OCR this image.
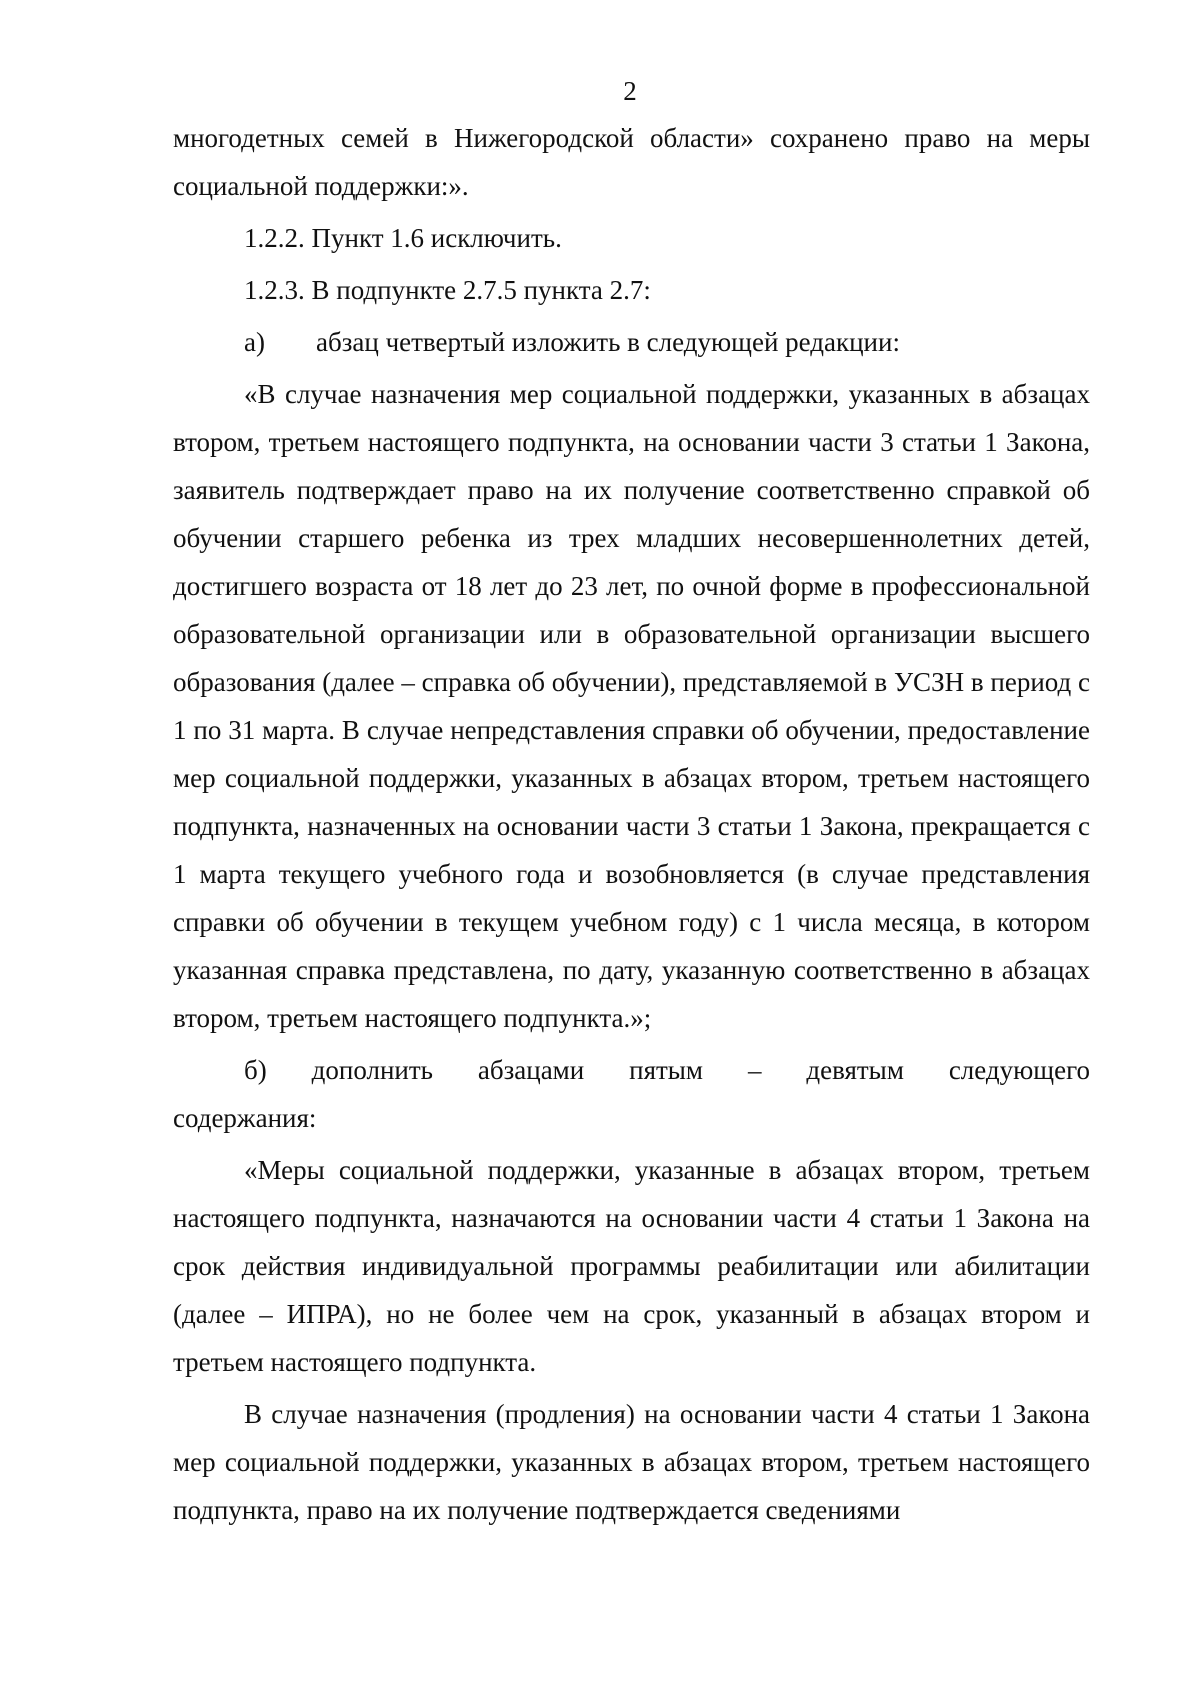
2

многодетных семей в Нижегородской области» сохранено право на меры социальной поддержки:».

1.2.2. Пункт 1.6 исключить.

1.2.3. В подпункте 2.7.5 пункта 2.7:

а) абзац четвертый изложить в следующей редакции:

«В случае назначения мер социальной поддержки, указанных в абзацах втором, третьем настоящего подпункта, на основании части 3 статьи 1 Закона, заявитель подтверждает право на их получение соответственно справкой об обучении старшего ребенка из трех младших несовершеннолетних детей, достигшего возраста от 18 лет до 23 лет, по очной форме в профессиональной образовательной организации или в образовательной организации высшего образования (далее – справка об обучении), представляемой в УСЗН в период с 1 по 31 марта. В случае непредставления справки об обучении, предоставление мер социальной поддержки, указанных в абзацах втором, третьем настоящего подпункта, назначенных на основании части 3 статьи 1 Закона, прекращается с 1 марта текущего учебного года и возобновляется (в случае представления справки об обучении в текущем учебном году) с 1 числа месяца, в котором указанная справка представлена, по дату, указанную соответственно в абзацах втором, третьем настоящего подпункта.»;

б) дополнить абзацами пятым – девятым следующего

содержания:

«Меры социальной поддержки, указанные в абзацах втором, третьем настоящего подпункта, назначаются на основании части 4 статьи 1 Закона на срок действия индивидуальной программы реабилитации или абилитации (далее – ИПРА), но не более чем на срок, указанный в абзацах втором и третьем настоящего подпункта.

В случае назначения (продления) на основании части 4 статьи 1 Закона мер социальной поддержки, указанных в абзацах втором, третьем настоящего подпункта, право на их получение подтверждается сведениями
